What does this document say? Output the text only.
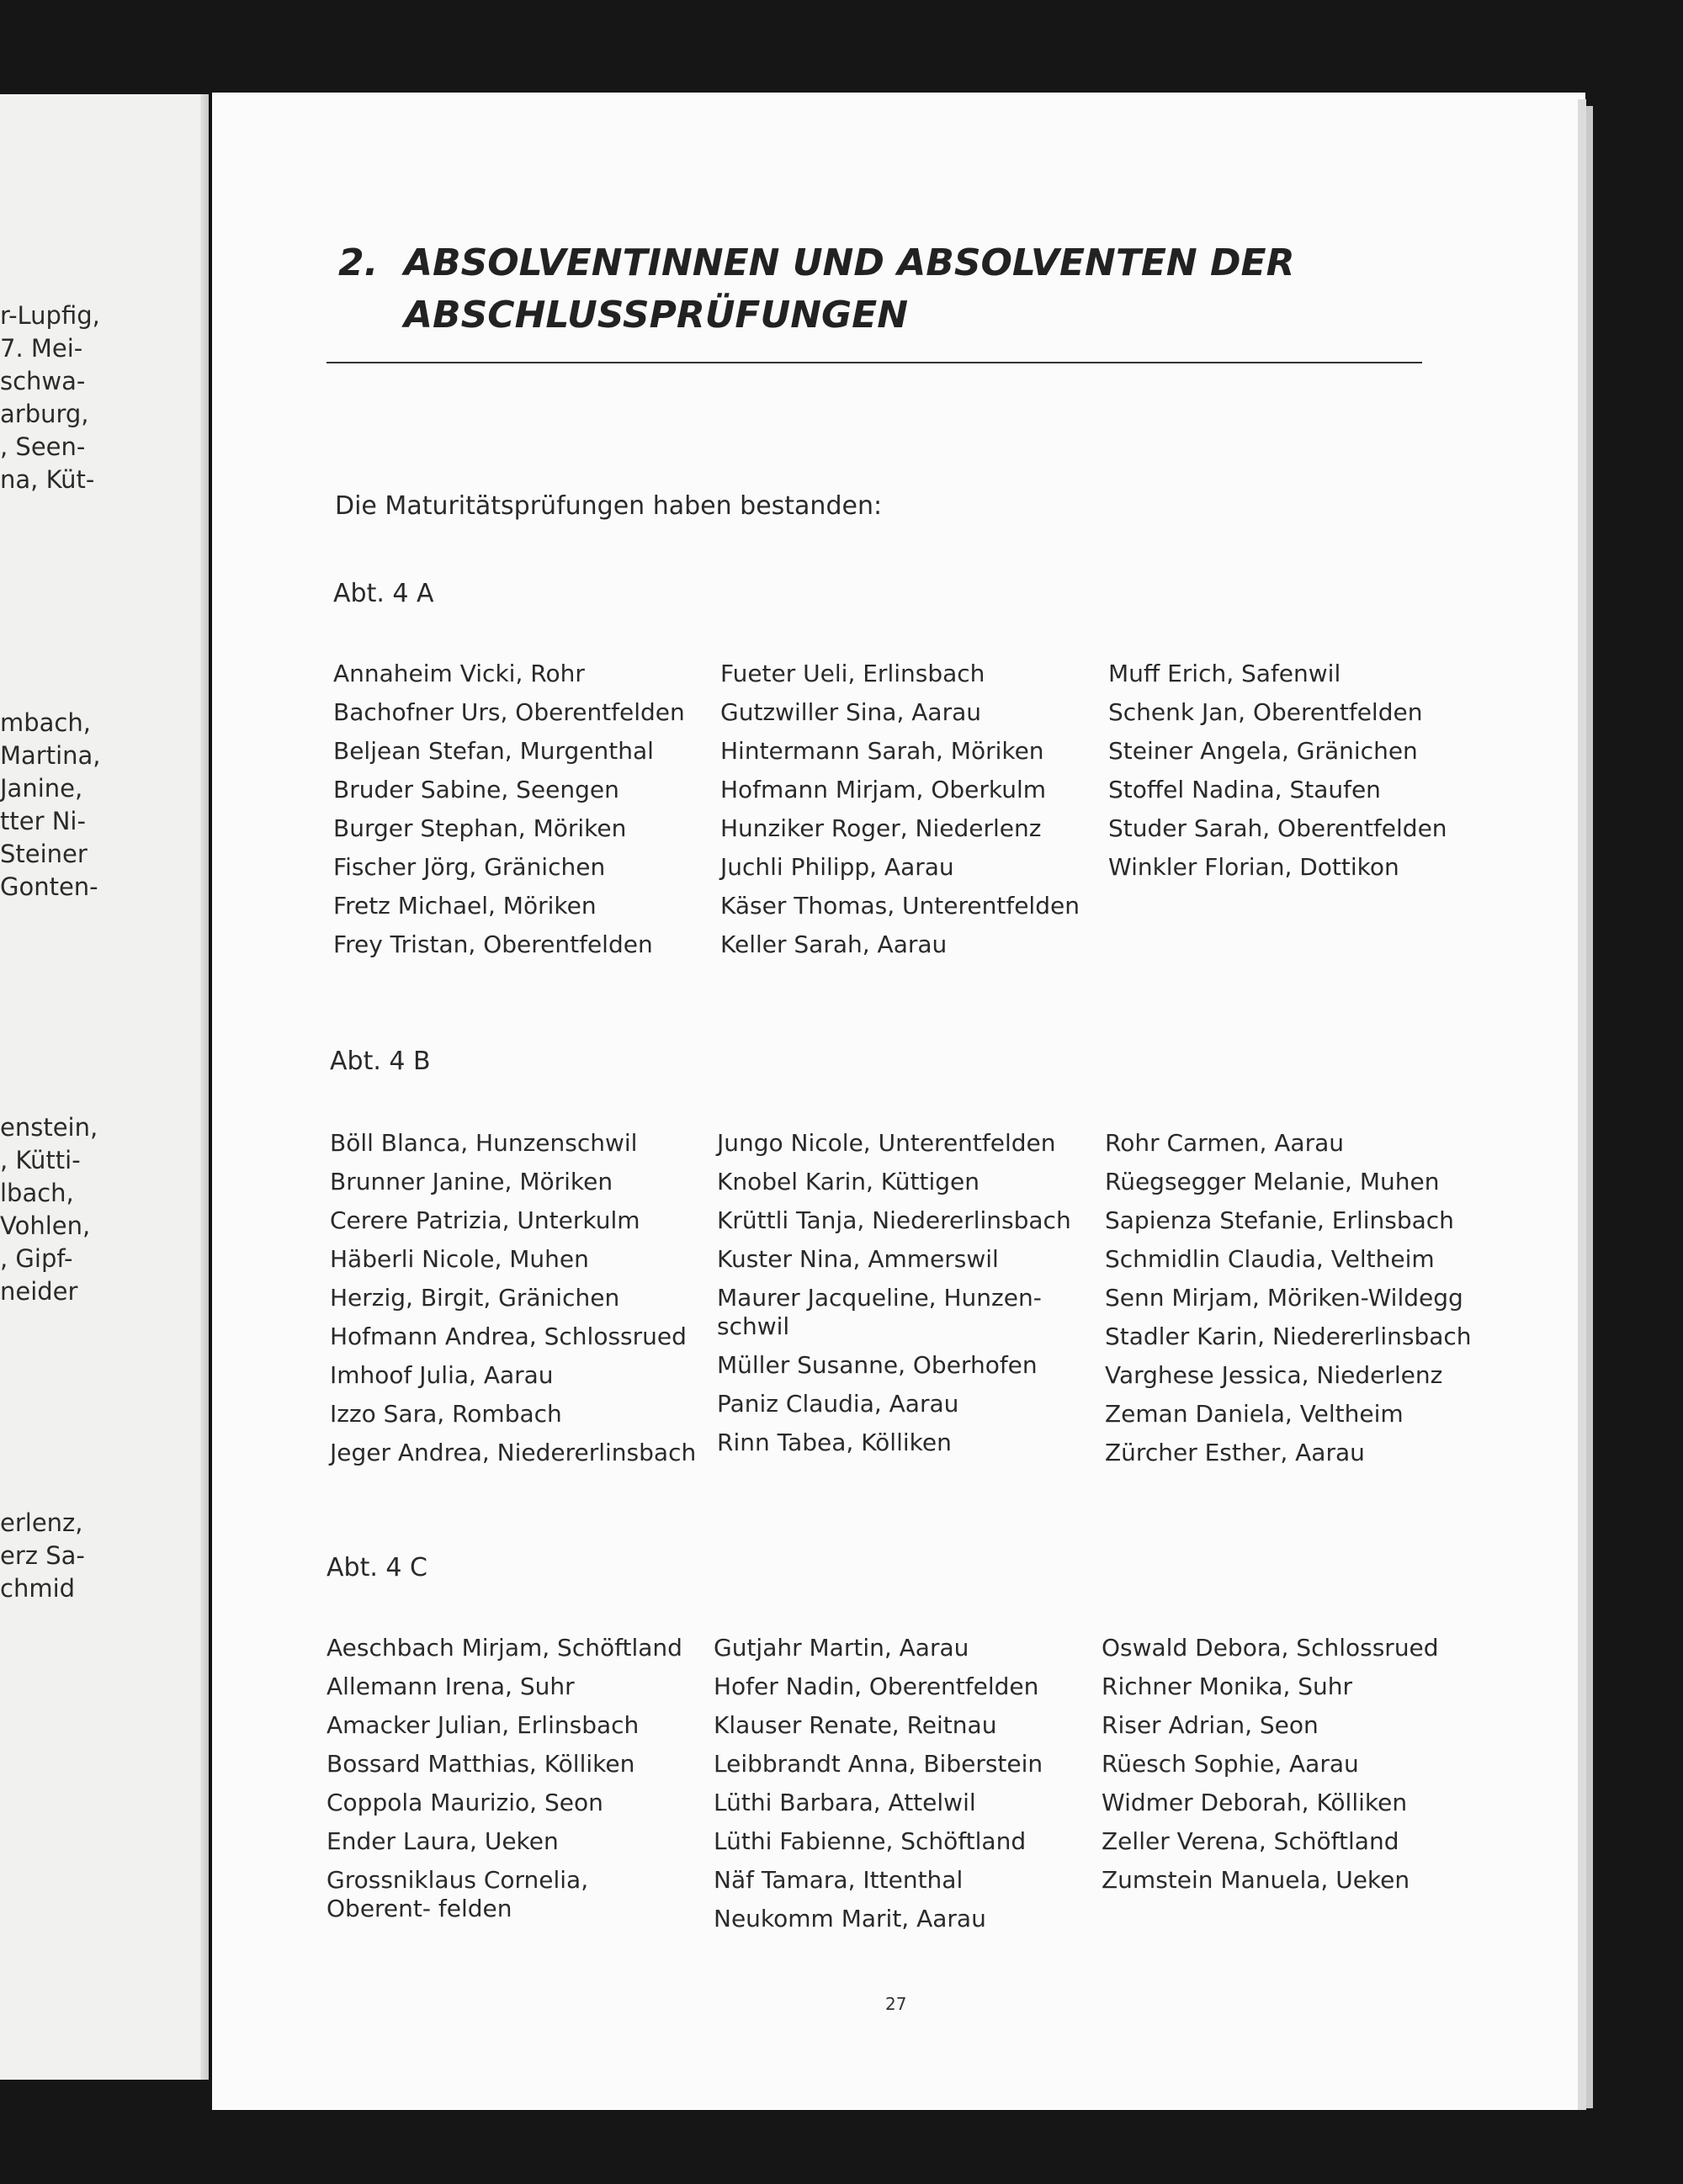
r-Lupfig,
7. Mei-
schwa-
arburg,
, Seen-
na, Küt-
mbach,
Martina,
Janine,
tter Ni-
Steiner
Gonten-
enstein,
, Kütti-
lbach,
Vohlen,
, Gipf-
neider
erlenz,
erz Sa-
chmid
2. ABSOLVENTINNEN UND ABSOLVENTEN DER
ABSCHLUSSPRÜFUNGEN
Die Maturitätsprüfungen haben bestanden:
Abt. 4 A
Annaheim Vicki, Rohr
Bachofner Urs, Oberentfelden
Beljean Stefan, Murgenthal
Bruder Sabine, Seengen
Burger Stephan, Möriken
Fischer Jörg, Gränichen
Fretz Michael, Möriken
Frey Tristan, Oberentfelden
Fueter Ueli, Erlinsbach
Gutzwiller Sina, Aarau
Hintermann Sarah, Möriken
Hofmann Mirjam, Oberkulm
Hunziker Roger, Niederlenz
Juchli Philipp, Aarau
Käser Thomas, Unterentfelden
Keller Sarah, Aarau
Muff Erich, Safenwil
Schenk Jan, Oberentfelden
Steiner Angela, Gränichen
Stoffel Nadina, Staufen
Studer Sarah, Oberentfelden
Winkler Florian, Dottikon
Abt. 4 B
Böll Blanca, Hunzenschwil
Brunner Janine, Möriken
Cerere Patrizia, Unterkulm
Häberli Nicole, Muhen
Herzig, Birgit, Gränichen
Hofmann Andrea, Schlossrued
Imhoof Julia, Aarau
Izzo Sara, Rombach
Jeger Andrea, Niedererlinsbach
Jungo Nicole, Unterentfelden
Knobel Karin, Küttigen
Krüttli Tanja, Niedererlinsbach
Kuster Nina, Ammerswil
Maurer Jacqueline, Hunzen- schwil
Müller Susanne, Oberhofen
Paniz Claudia, Aarau
Rinn Tabea, Kölliken
Rohr Carmen, Aarau
Rüegsegger Melanie, Muhen
Sapienza Stefanie, Erlinsbach
Schmidlin Claudia, Veltheim
Senn Mirjam, Möriken-Wildegg
Stadler Karin, Niedererlinsbach
Varghese Jessica, Niederlenz
Zeman Daniela, Veltheim
Zürcher Esther, Aarau
Abt. 4 C
Aeschbach Mirjam, Schöftland
Allemann Irena, Suhr
Amacker Julian, Erlinsbach
Bossard Matthias, Kölliken
Coppola Maurizio, Seon
Ender Laura, Ueken
Grossniklaus Cornelia, Oberent- felden
Gutjahr Martin, Aarau
Hofer Nadin, Oberentfelden
Klauser Renate, Reitnau
Leibbrandt Anna, Biberstein
Lüthi Barbara, Attelwil
Lüthi Fabienne, Schöftland
Näf Tamara, Ittenthal
Neukomm Marit, Aarau
Oswald Debora, Schlossrued
Richner Monika, Suhr
Riser Adrian, Seon
Rüesch Sophie, Aarau
Widmer Deborah, Kölliken
Zeller Verena, Schöftland
Zumstein Manuela, Ueken
27
